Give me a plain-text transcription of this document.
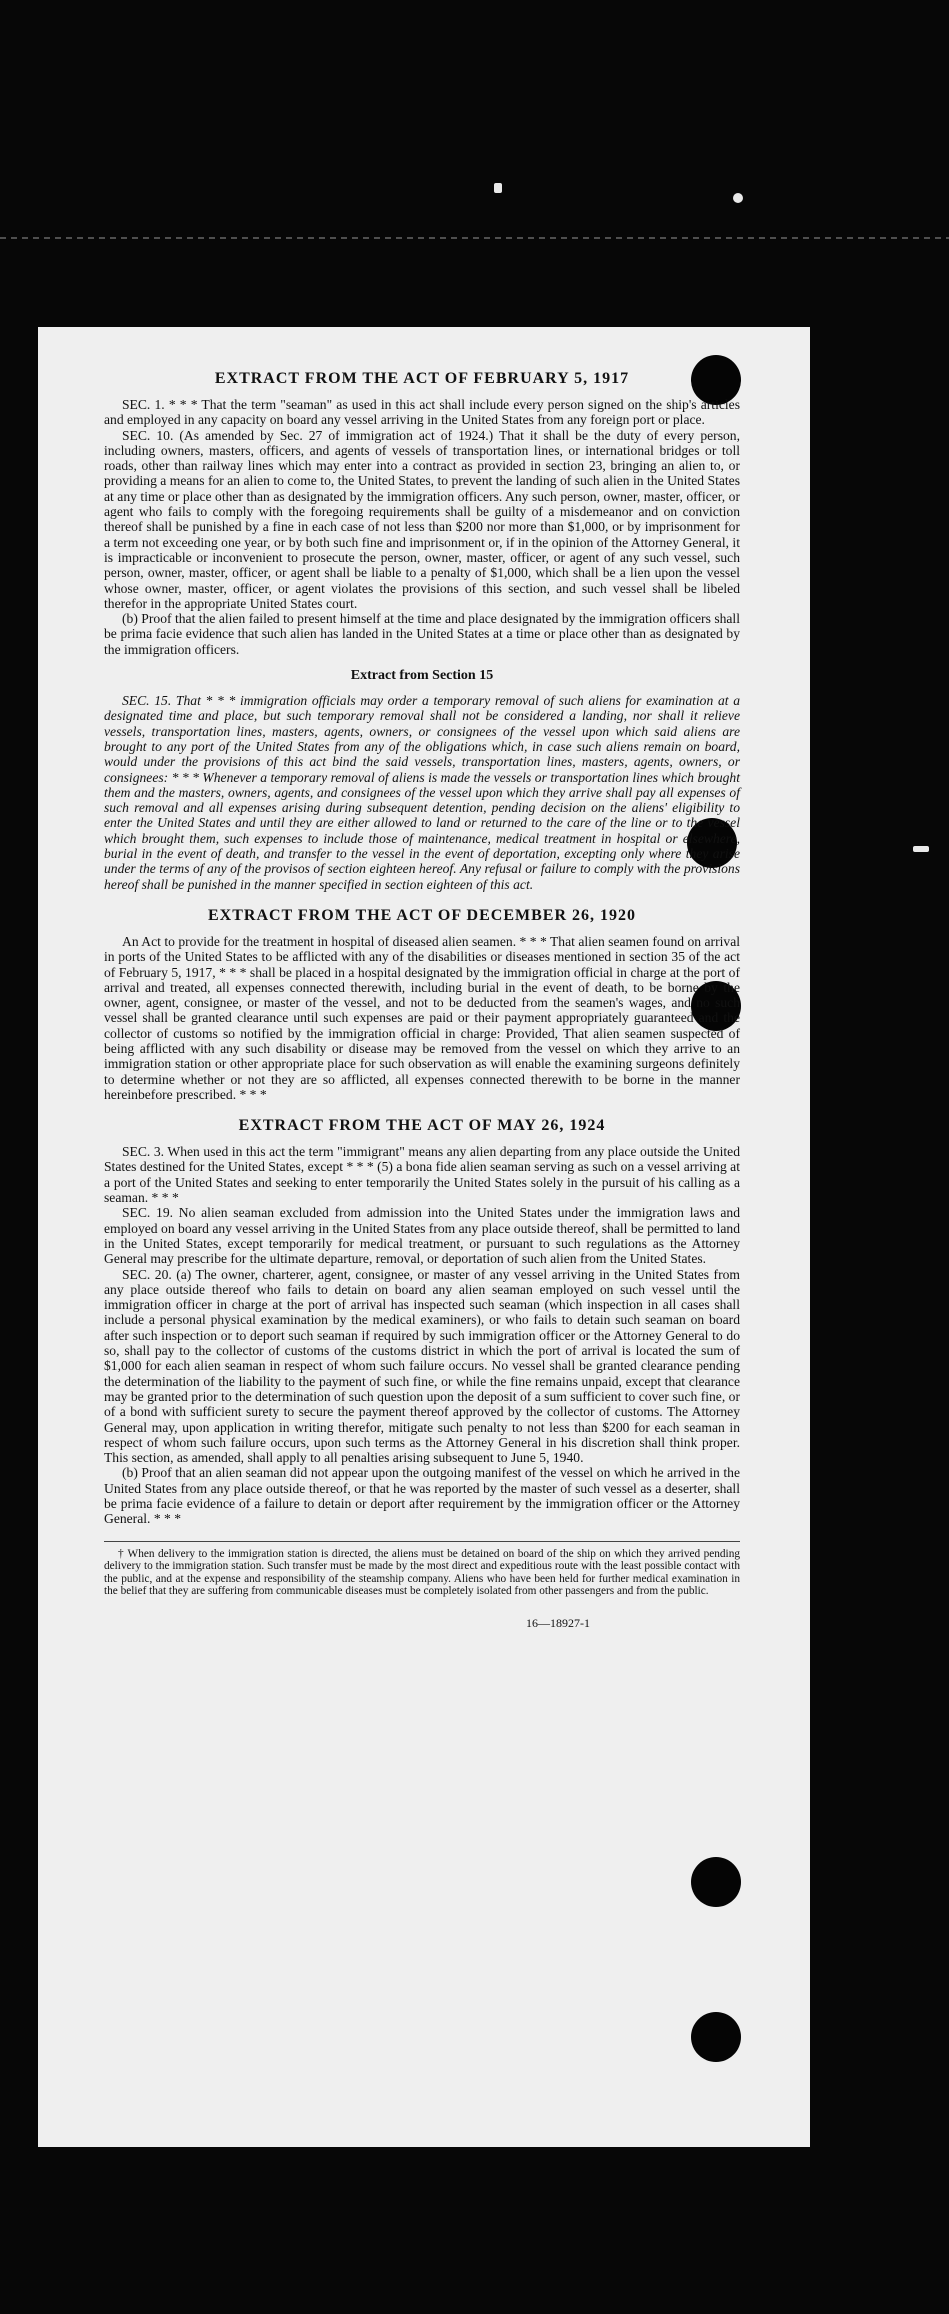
EXTRACT FROM THE ACT OF FEBRUARY 5, 1917

SEC. 1. * * * That the term "seaman" as used in this act shall include every person signed on the ship's articles and employed in any capacity on board any vessel arriving in the United States from any foreign port or place.

SEC. 10. (As amended by Sec. 27 of immigration act of 1924.) That it shall be the duty of every person, including owners, masters, officers, and agents of vessels of transportation lines, or international bridges or toll roads, other than railway lines which may enter into a contract as provided in section 23, bringing an alien to, or providing a means for an alien to come to, the United States, to prevent the landing of such alien in the United States at any time or place other than as designated by the immigration officers. Any such person, owner, master, officer, or agent who fails to comply with the foregoing requirements shall be guilty of a misdemeanor and on conviction thereof shall be punished by a fine in each case of not less than $200 nor more than $1,000, or by imprisonment for a term not exceeding one year, or by both such fine and imprisonment or, if in the opinion of the Attorney General, it is impracticable or inconvenient to prosecute the person, owner, master, officer, or agent of any such vessel, such person, owner, master, officer, or agent shall be liable to a penalty of $1,000, which shall be a lien upon the vessel whose owner, master, officer, or agent violates the provisions of this section, and such vessel shall be libeled therefor in the appropriate United States court.

(b) Proof that the alien failed to present himself at the time and place designated by the immigration officers shall be prima facie evidence that such alien has landed in the United States at a time or place other than as designated by the immigration officers.

Extract from Section 15

SEC. 15. That * * * immigration officials may order a temporary removal of such aliens for examination at a designated time and place, but such temporary removal shall not be considered a landing, nor shall it relieve vessels, transportation lines, masters, agents, owners, or consignees of the vessel upon which said aliens are brought to any port of the United States from any of the obligations which, in case such aliens remain on board, would under the provisions of this act bind the said vessels, transportation lines, masters, agents, owners, or consignees: * * * Whenever a temporary removal of aliens is made the vessels or transportation lines which brought them and the masters, owners, agents, and consignees of the vessel upon which they arrive shall pay all expenses of such removal and all expenses arising during subsequent detention, pending decision on the aliens' eligibility to enter the United States and until they are either allowed to land or returned to the care of the line or to the vessel which brought them, such expenses to include those of maintenance, medical treatment in hospital or elsewhere, burial in the event of death, and transfer to the vessel in the event of deportation, excepting only where they arise under the terms of any of the provisos of section eighteen hereof. Any refusal or failure to comply with the provisions hereof shall be punished in the manner specified in section eighteen of this act.

EXTRACT FROM THE ACT OF DECEMBER 26, 1920

An Act to provide for the treatment in hospital of diseased alien seamen. * * * That alien seamen found on arrival in ports of the United States to be afflicted with any of the disabilities or diseases mentioned in section 35 of the act of February 5, 1917, * * * shall be placed in a hospital designated by the immigration official in charge at the port of arrival and treated, all expenses connected therewith, including burial in the event of death, to be borne by the owner, agent, consignee, or master of the vessel, and not to be deducted from the seamen's wages, and no such vessel shall be granted clearance until such expenses are paid or their payment appropriately guaranteed and the collector of customs so notified by the immigration official in charge: Provided, That alien seamen suspected of being afflicted with any such disability or disease may be removed from the vessel on which they arrive to an immigration station or other appropriate place for such observation as will enable the examining surgeons definitely to determine whether or not they are so afflicted, all expenses connected therewith to be borne in the manner hereinbefore prescribed. * * *

EXTRACT FROM THE ACT OF MAY 26, 1924

SEC. 3. When used in this act the term "immigrant" means any alien departing from any place outside the United States destined for the United States, except * * * (5) a bona fide alien seaman serving as such on a vessel arriving at a port of the United States and seeking to enter temporarily the United States solely in the pursuit of his calling as a seaman. * * *

SEC. 19. No alien seaman excluded from admission into the United States under the immigration laws and employed on board any vessel arriving in the United States from any place outside thereof, shall be permitted to land in the United States, except temporarily for medical treatment, or pursuant to such regulations as the Attorney General may prescribe for the ultimate departure, removal, or deportation of such alien from the United States.

SEC. 20. (a) The owner, charterer, agent, consignee, or master of any vessel arriving in the United States from any place outside thereof who fails to detain on board any alien seaman employed on such vessel until the immigration officer in charge at the port of arrival has inspected such seaman (which inspection in all cases shall include a personal physical examination by the medical examiners), or who fails to detain such seaman on board after such inspection or to deport such seaman if required by such immigration officer or the Attorney General to do so, shall pay to the collector of customs of the customs district in which the port of arrival is located the sum of $1,000 for each alien seaman in respect of whom such failure occurs. No vessel shall be granted clearance pending the determination of the liability to the payment of such fine, or while the fine remains unpaid, except that clearance may be granted prior to the determination of such question upon the deposit of a sum sufficient to cover such fine, or of a bond with sufficient surety to secure the payment thereof approved by the collector of customs. The Attorney General may, upon application in writing therefor, mitigate such penalty to not less than $200 for each seaman in respect of whom such failure occurs, upon such terms as the Attorney General in his discretion shall think proper. This section, as amended, shall apply to all penalties arising subsequent to June 5, 1940.

(b) Proof that an alien seaman did not appear upon the outgoing manifest of the vessel on which he arrived in the United States from any place outside thereof, or that he was reported by the master of such vessel as a deserter, shall be prima facie evidence of a failure to detain or deport after requirement by the immigration officer or the Attorney General. * * *

† When delivery to the immigration station is directed, the aliens must be detained on board of the ship on which they arrived pending delivery to the immigration station. Such transfer must be made by the most direct and expeditious route with the least possible contact with the public, and at the expense and responsibility of the steamship company. Aliens who have been held for further medical examination in the belief that they are suffering from communicable diseases must be completely isolated from other passengers and from the public.

16—18927-1
